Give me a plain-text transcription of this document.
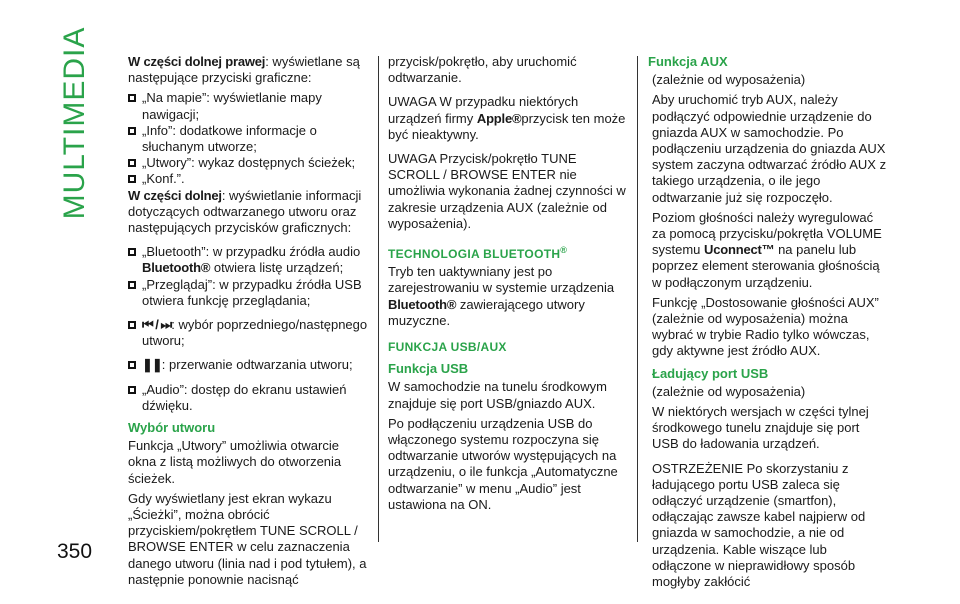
MULTIMEDIA
350

W części dolnej prawej: wyświetlane są następujące przyciski graficzne:

„Na mapie”: wyświetlanie mapy nawigacji;
„Info”: dodatkowe informacje o słuchanym utworze;
„Utwory”: wykaz dostępnych ścieżek;
„Konf.”.

W części dolnej: wyświetlanie informacji dotyczących odtwarzanego utworu oraz następujących przycisków graficznych:

„Bluetooth”: w przypadku źródła audio Bluetooth® otwiera listę urządzeń;
„Przeglądaj”: w przypadku źródła USB otwiera funkcję przeglądania;
⏮ / ⏭: wybór poprzedniego/następnego utworu;
❚❚: przerwanie odtwarzania utworu;
„Audio”: dostęp do ekranu ustawień dźwięku.
Wybór utworu

Funkcja „Utwory” umożliwia otwarcie okna z listą możliwych do otworzenia ścieżek.

Gdy wyświetlany jest ekran wykazu „Ścieżki”, można obrócić przyciskiem/pokrętłem TUNE SCROLL / BROWSE ENTER w celu zaznaczenia danego utworu (linia nad i pod tytułem), a następnie ponownie nacisnąć

przycisk/pokrętło, aby uruchomić odtwarzanie.

UWAGA W przypadku niektórych urządzeń firmy Apple®przycisk ten może być nieaktywny.

UWAGA Przycisk/pokrętło TUNE SCROLL / BROWSE ENTER nie umożliwia wykonania żadnej czynności w zakresie urządzenia AUX (zależnie od wyposażenia).

TECHNOLOGIA BLUETOOTH®

Tryb ten uaktywniany jest po zarejestrowaniu w systemie urządzenia Bluetooth® zawierającego utwory muzyczne.

FUNKCJA USB/AUX
Funkcja USB

W samochodzie na tunelu środkowym znajduje się port USB/gniazdo AUX.

Po podłączeniu urządzenia USB do włączonego systemu rozpoczyna się odtwarzanie utworów występujących na urządzeniu, o ile funkcja „Automatyczne odtwarzanie” w menu „Audio” jest ustawiona na ON.

Funkcja AUX

(zależnie od wyposażenia)

Aby uruchomić tryb AUX, należy podłączyć odpowiednie urządzenie do gniazda AUX w samochodzie. Po podłączeniu urządzenia do gniazda AUX system zaczyna odtwarzać źródło AUX z takiego urządzenia, o ile jego odtwarzanie już się rozpoczęło.

Poziom głośności należy wyregulować za pomocą przycisku/pokrętła VOLUME systemu Uconnect™ na panelu lub poprzez element sterowania głośnością w podłączonym urządzeniu.

Funkcję „Dostosowanie głośności AUX” (zależnie od wyposażenia) można wybrać w trybie Radio tylko wówczas, gdy aktywne jest źródło AUX.

Ładujący port USB

(zależnie od wyposażenia)

W niektórych wersjach w części tylnej środkowego tunelu znajduje się port USB do ładowania urządzeń.

OSTRZEŻENIE Po skorzystaniu z ładującego portu USB zaleca się odłączyć urządzenie (smartfon), odłączając zawsze kabel najpierw od gniazda w samochodzie, a nie od urządzenia. Kable wiszące lub odłączone w nieprawidłowy sposób mogłyby zakłócić
